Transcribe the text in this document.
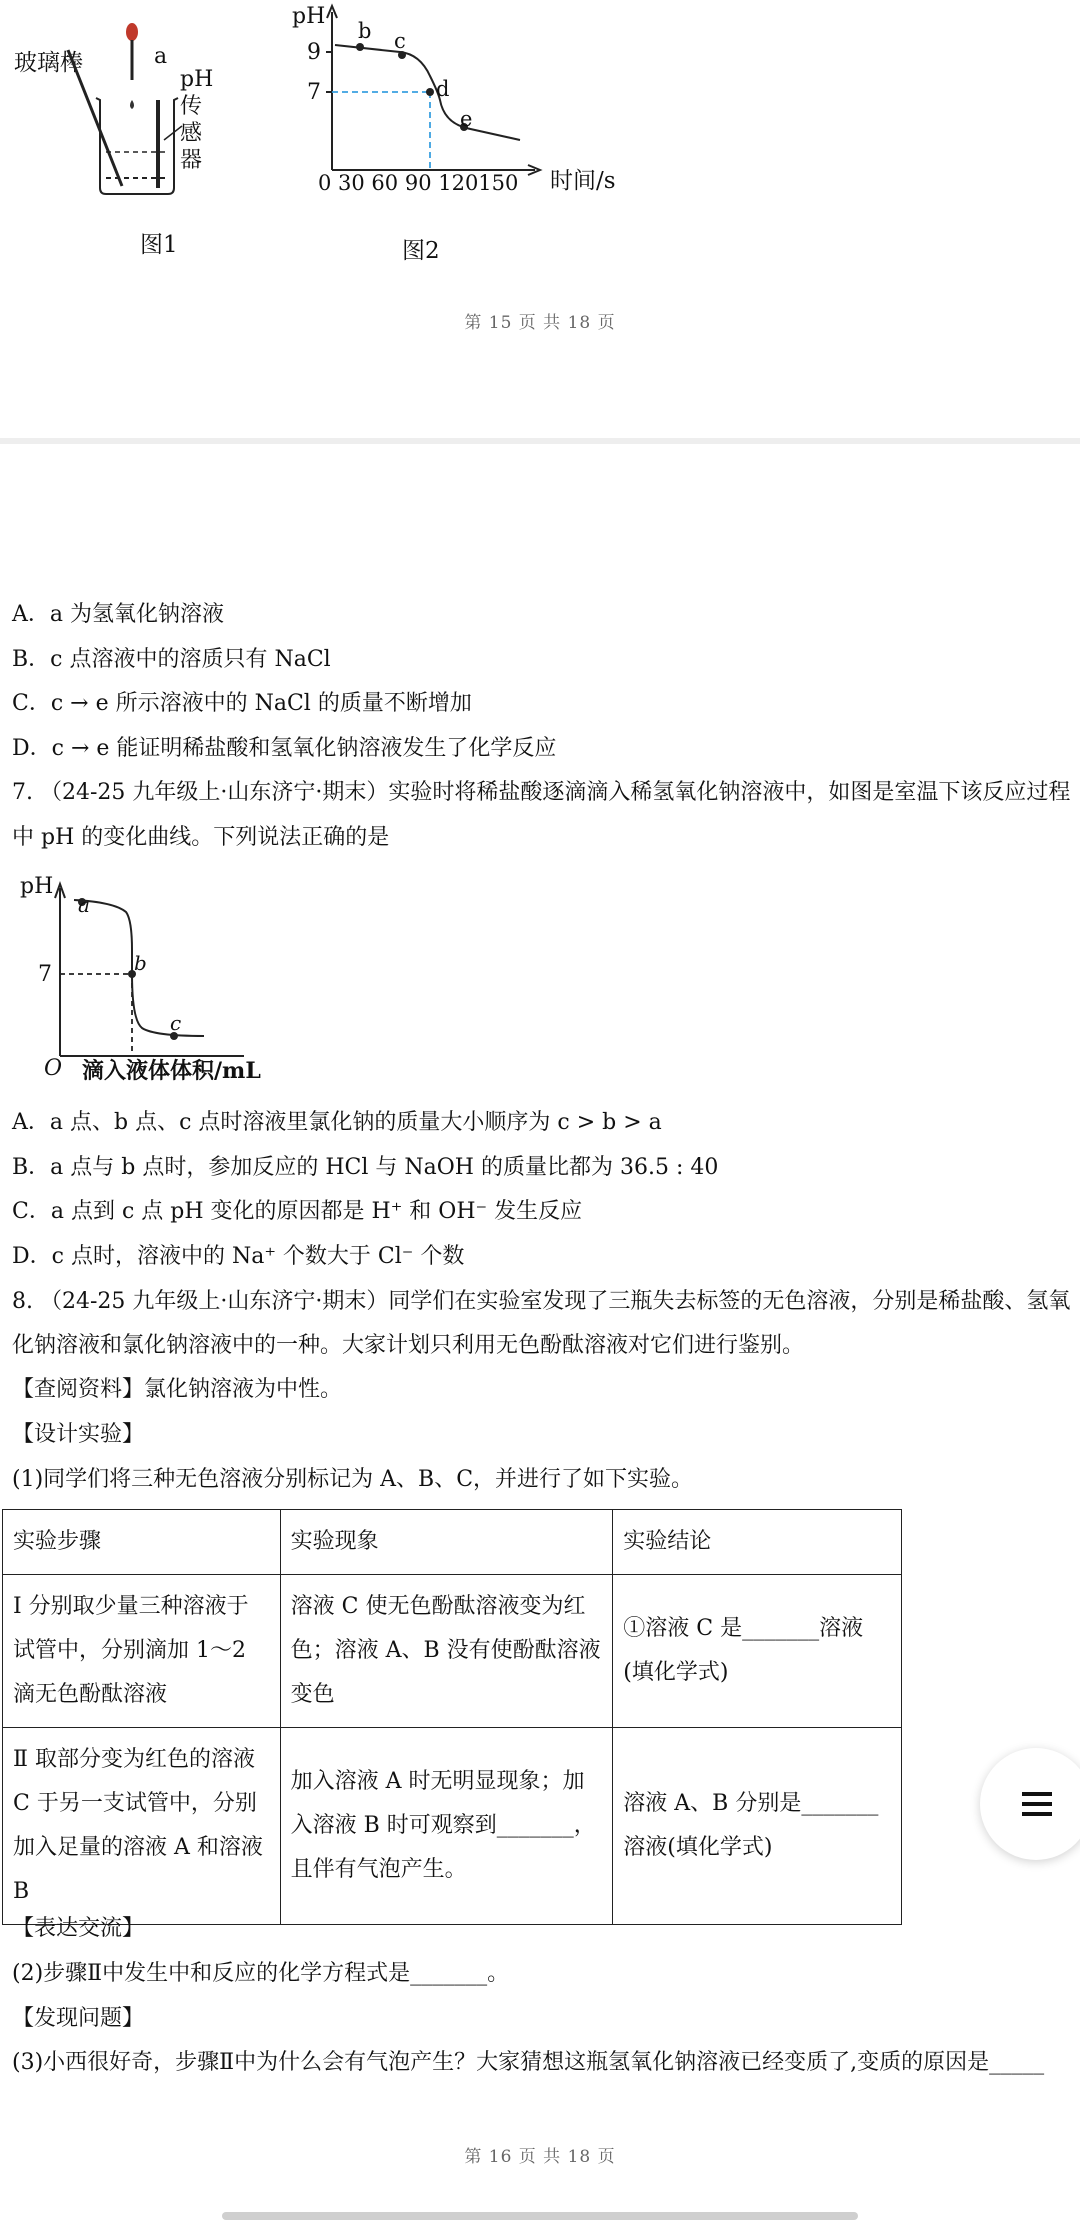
玻璃棒	a
pH
传
感
器
图1
pH
9
7
b c
d
e
0 30 60 90 120150 时间/s
图2
第 15 页 共 18 页
A．a 为氢氧化钠溶液
B．c 点溶液中的溶质只有 NaCl
C．c → e 所示溶液中的 NaCl 的质量不断增加
D．c → e 能证明稀盐酸和氢氧化钠溶液发生了化学反应
7. （24-25 九年级上·山东济宁·期末）实验时将稀盐酸逐滴滴入稀氢氧化钠溶液中，如图是室温下该反应过程
中 pH 的变化曲线。下列说法正确的是
pH
7
a
b
c
O 滴入液体体积/mL
A．a 点、b 点、c 点时溶液里氯化钠的质量大小顺序为 c > b > a
B．a 点与 b 点时，参加反应的 HCl 与 NaOH 的质量比都为 36.5 : 40
C．a 点到 c 点 pH 变化的原因都是 H⁺ 和 OH⁻ 发生反应
D．c 点时，溶液中的 Na⁺ 个数大于 Cl⁻ 个数
8. （24-25 九年级上·山东济宁·期末）同学们在实验室发现了三瓶失去标签的无色溶液，分别是稀盐酸、氢氧
化钠溶液和氯化钠溶液中的一种。大家计划只利用无色酚酞溶液对它们进行鉴别。
【查阅资料】氯化钠溶液为中性。
【设计实验】
(1)同学们将三种无色溶液分别标记为 A、B、C，并进行了如下实验。
实验步骤	实验现象	实验结论
Ⅰ 分别取少量三种溶液于试管中，分别滴加 1～2 滴无色酚酞溶液	溶液 C 使无色酚酞溶液变为红色；溶液 A、B 没有使酚酞溶液变色	①溶液 C 是_______溶液(填化学式)
Ⅱ 取部分变为红色的溶液 C 于另一支试管中，分别加入足量的溶液 A 和溶液 B	加入溶液 A 时无明显现象；加入溶液 B 时可观察到_______，且伴有气泡产生。	溶液 A、B 分别是_______溶液(填化学式)
【表达交流】
(2)步骤Ⅱ中发生中和反应的化学方程式是_______。
【发现问题】
(3)小西很好奇，步骤Ⅱ中为什么会有气泡产生？大家猜想这瓶氢氧化钠溶液已经变质了,变质的原因是_____
第 16 页 共 18 页
